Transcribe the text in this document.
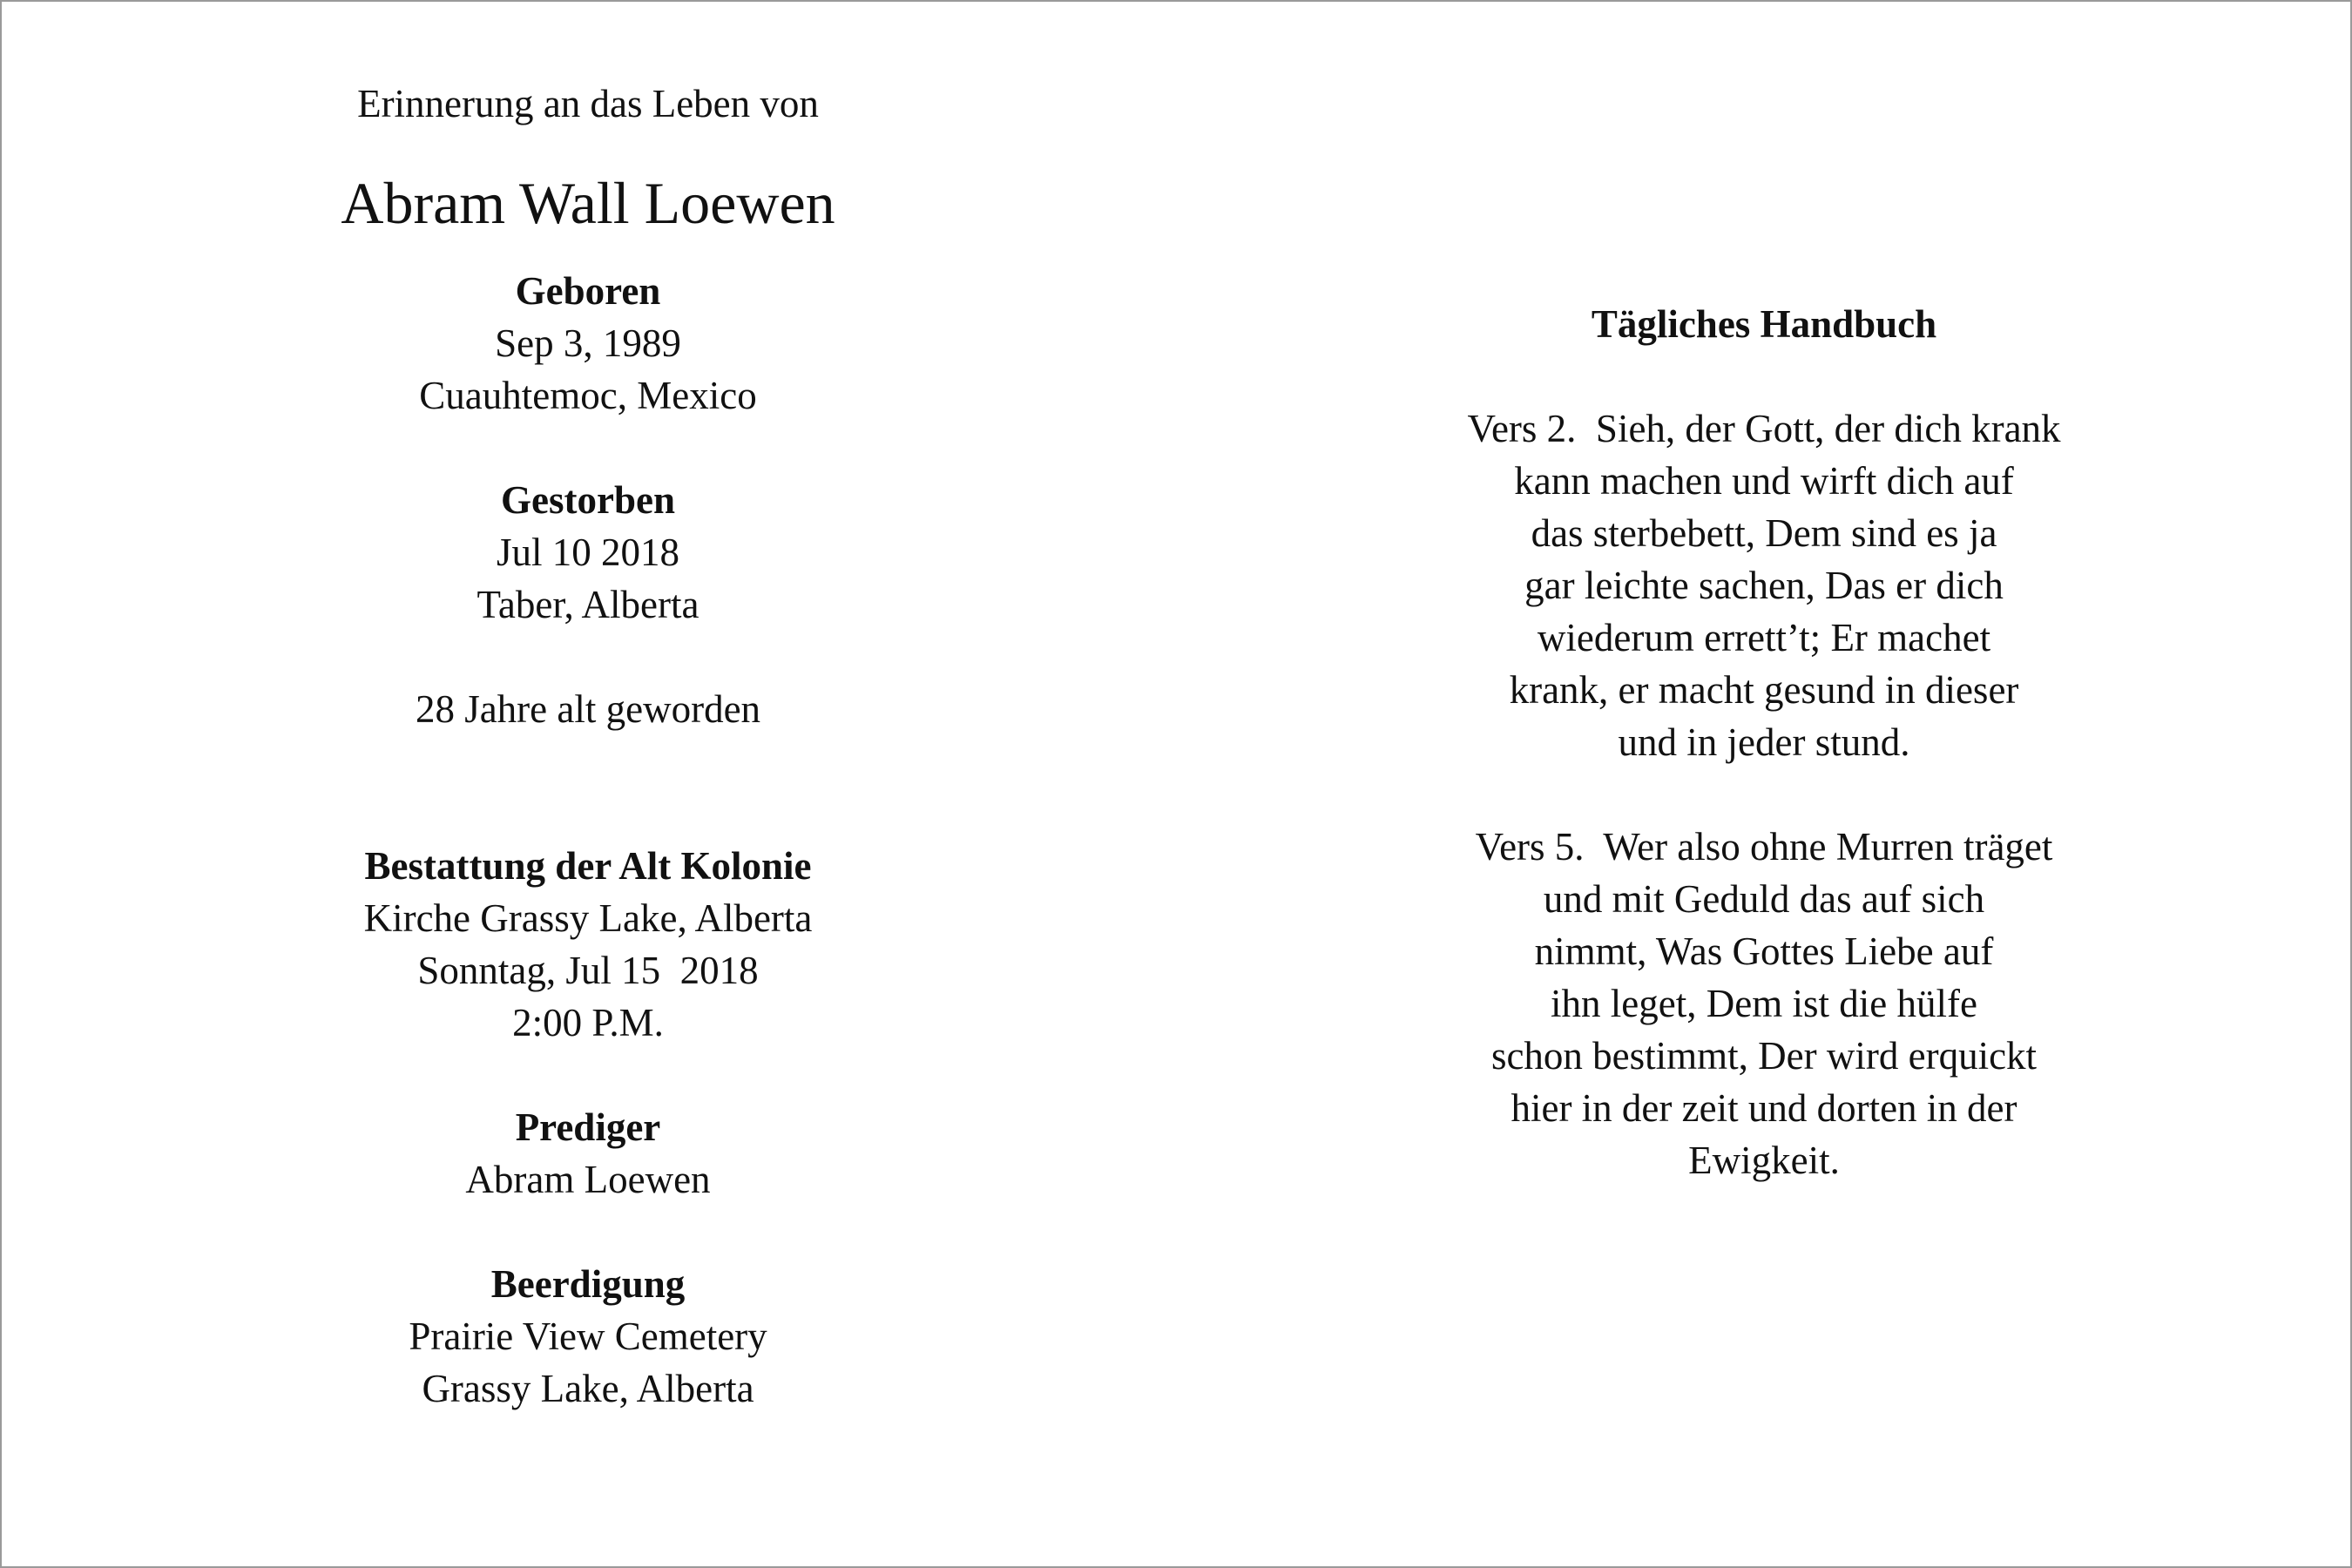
Erinnerung an das Leben von
Abram Wall Loewen
Geboren
Sep 3, 1989
Cuauhtemoc, Mexico
Gestorben
Jul 10 2018
Taber, Alberta
28 Jahre alt geworden
Bestattung der Alt Kolonie
Kirche Grassy Lake, Alberta
Sonntag, Jul 15  2018
2:00 P.M.
Prediger
Abram Loewen
Beerdigung
Prairie View Cemetery
Grassy Lake, Alberta
Tägliches Handbuch
Vers 2.  Sieh, der Gott, der dich krank
kann machen und wirft dich auf
das sterbebett, Dem sind es ja
gar leichte sachen, Das er dich
wiederum errett’t; Er machet
krank, er macht gesund in dieser
und in jeder stund.
Vers 5.  Wer also ohne Murren träget
und mit Geduld das auf sich
nimmt, Was Gottes Liebe auf
ihn leget, Dem ist die hülfe
schon bestimmt, Der wird erquickt
hier in der zeit und dorten in der
Ewigkeit.
